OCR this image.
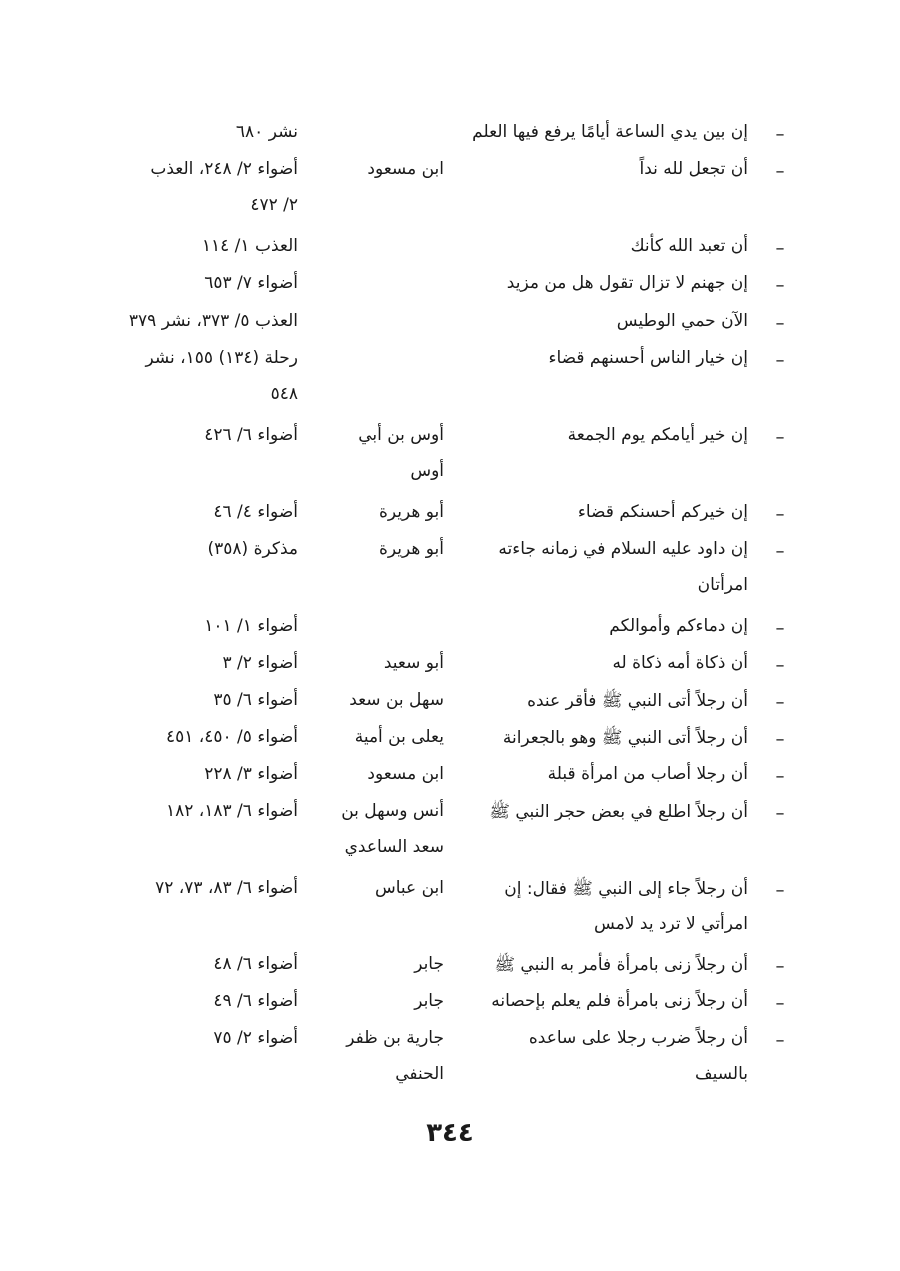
–
إن بين يدي الساعة أيامًا يرفع فيها العلم
نشر ٦٨٠
–
أن تجعل لله نداً
ابن مسعود
أضواء ٢/ ٢٤٨، العذب
٢/ ٤٧٢
–
أن تعبد الله كأنك
العذب ١/ ١١٤
–
إن جهنم لا تزال تقول هل من مزيد
أضواء ٧/ ٦٥٣
–
الآن حمي الوطيس
العذب ٥/ ٣٧٣، نشر ٣٧٩
–
إن خيار الناس أحسنهم قضاء
رحلة (١٣٤) ١٥٥، نشر
٥٤٨
–
إن خير أيامكم يوم الجمعة
أوس بن أبي
أضواء ٦/ ٤٢٦
أوس
–
إن خيركم أحسنكم قضاء
أبو هريرة
أضواء ٤/ ٤٦
–
إن داود عليه السلام في زمانه جاءته
أبو هريرة
مذكرة (٣٥٨)
امرأتان
–
إن دماءكم وأموالكم
أضواء ١/ ١٠١
–
أن ذكاة أمه ذكاة له
أبو سعيد
أضواء ٢/ ٣
–
أن رجلاً أتى النبي ﷺ فأقر عنده
سهل بن سعد
أضواء ٦/ ٣٥
–
أن رجلاً أتى النبي ﷺ وهو بالجعرانة
يعلى بن أمية
أضواء ٥/ ٤٥٠، ٤٥١
–
أن رجلا أصاب من امرأة قبلة
ابن مسعود
أضواء ٣/ ٢٢٨
–
أن رجلاً اطلع في بعض حجر النبي ﷺ
أنس وسهل بن
أضواء ٦/ ١٨٣، ١٨٢
سعد الساعدي
–
أن رجلاً جاء إلى النبي ﷺ فقال: إن
ابن عباس
أضواء ٦/ ٨٣، ٧٣، ٧٢
امرأتي لا ترد يد لامس
–
أن رجلاً زنى بامرأة فأمر به النبي ﷺ
جابر
أضواء ٦/ ٤٨
–
أن رجلاً زنى بامرأة فلم يعلم بإحصانه
جابر
أضواء ٦/ ٤٩
–
أن رجلاً ضرب رجلا على ساعده
جارية بن ظفر
أضواء ٢/ ٧٥
بالسيف
الحنفي
٣٤٤
